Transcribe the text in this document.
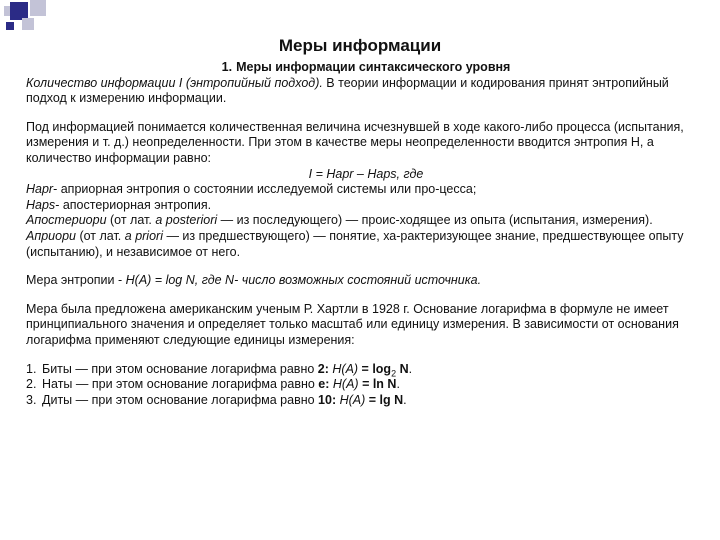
Меры информации

1. Меры информации синтаксического уровня

Количество информации I (энтропийный подход). В теории информации и кодирования принят энтропийный подход к измерению информации.

Под информацией понимается количественная величина исчезнувшей в ходе какого-либо процесса (испытания, измерения и т. д.) неопределенности. При этом в качестве меры неопределенности вводится энтропия H, а количество информации равно:

I = Hapr – Haps, где

Hapr- априорная энтропия о состоянии исследуемой системы или про-цесса;

Haps- апостериорная энтропия.

Апостериори (от лат. a posteriori — из последующего) — проис-ходящее из опыта (испытания, измерения).

Априори (от лат. a priori — из предшествующего) — понятие, ха-рактеризующее знание, предшествующее опыту (испытанию), и независимое от него.

Мера энтропии - H(A) = log N, где N- число возможных состояний источника.

Мера была предложена американским ученым Р. Хартли в 1928 г. Основание логарифма в формуле не имеет принципиального значения и определяет только масштаб или единицу измерения. В зависимости от основания логарифма применяют следующие единицы измерения:

1. Биты — при этом основание логарифма равно 2: $H(A) = \log_2 N$.
2. Наты — при этом основание логарифма равно e: H(A) = ln N.
3. Диты — при этом основание логарифма равно 10: H(A) = lg N.
